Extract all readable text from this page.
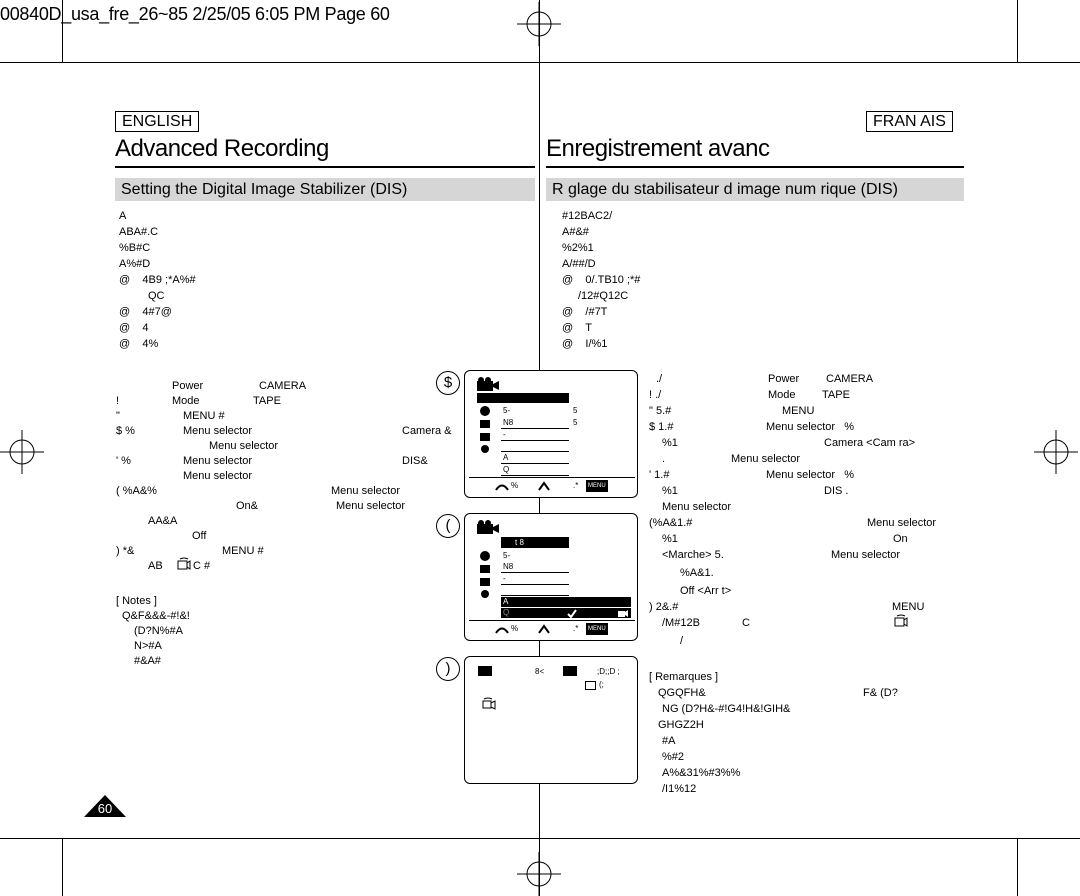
00840D_usa_fre_26~85 2/25/05 6:05 PM Page 60
ENGLISH	FRAN AIS
Advanced Recording	Enregistrement avanc
Setting the Digital Image Stabilizer (DIS)	R glage du stabilisateur d image num rique (DIS)
A
ABA#.C
%B#C
A%#D
@    4B9 ;*A%#
QC
@    4#7@
@    4
@    4%
Power	CAMERA
!	Mode	TAPE
"	MENU #
$ %	Menu selector	Camera &
Menu selector
' %	Menu selector	DIS&
Menu selector
( %A&%	Menu selector
On&	Menu selector
AA&A
Off
) *&	MENU #
AB	C #
[ Notes ]
Q&F&&&-#!&!
(D?N%#A
N>#A
#&A#
$
(
)
5-	5
N8	5
-
A
Q
%	.*	MENU
t 8
5-
N8
-
A
Q
%	.*	MENU
8<	;D;;D ;
(;
#12BAC2/
A#&#
%2%1
A/##/D
@    0/.TB10 ;*#
/12#Q12C
@    /#7T
@    T
@    I/%1
./	Power CAMERA
! ./	Mode TAPE
" 5.#	MENU
$ 1.#	Menu selector   %
%1	Camera <Cam ra>
.	Menu selector
' 1.#	Menu selector   %
%1	DIS .
Menu selector
(%A&1.#	Menu selector
%1	On
<Marche> 5.	Menu selector
%A&1.
Off <Arr t>
) 2&.#	MENU
/M#12B	C
/
[ Remarques ]
QGQFH&	F& (D?
NG (D?H&-#!G4!H&!GIH&
GHGZ2H
#A
%#2
A%&31%#3%%
/I1%12
60
